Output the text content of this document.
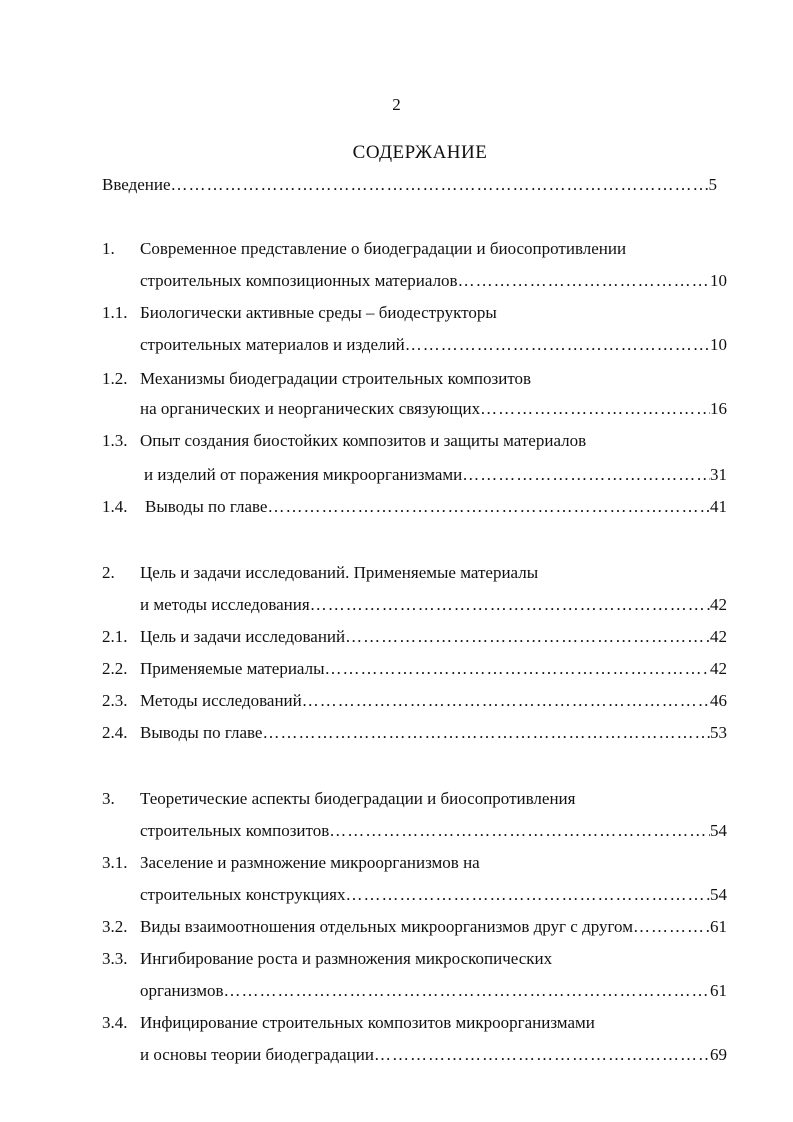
2
СОДЕРЖАНИЕ
Введение …………………………………………………………………………………………………………………………………………………………………………	5
1. Современное представление о биодеградации и биосопротивлении
строительных композиционных материалов …………………………………………………………………………………………………………………………………………………………………………	10
1.1. Биологически активные среды – биодеструкторы
строительных материалов и изделий …………………………………………………………………………………………………………………………………………………………………………	10
1.2. Механизмы биодеградации строительных композитов
на органических и неорганических связующих …………………………………………………………………………………………………………………………………………………………………………	16
1.3. Опыт создания биостойких композитов и защиты материалов
и изделий от поражения микроорганизмами …………………………………………………………………………………………………………………………………………………………………………	31
1.4. Выводы по главе …………………………………………………………………………………………………………………………………………………………………………	41
2. Цель и задачи исследований. Применяемые материалы
и методы исследования …………………………………………………………………………………………………………………………………………………………………………	42
2.1. Цель и задачи исследований …………………………………………………………………………………………………………………………………………………………………………	42
2.2. Применяемые материалы …………………………………………………………………………………………………………………………………………………………………………	42
2.3. Методы исследований …………………………………………………………………………………………………………………………………………………………………………	46
2.4. Выводы по главе …………………………………………………………………………………………………………………………………………………………………………	53
3. Теоретические аспекты биодеградации и биосопротивления
строительных композитов …………………………………………………………………………………………………………………………………………………………………………	54
3.1. Заселение и размножение микроорганизмов на
строительных конструкциях …………………………………………………………………………………………………………………………………………………………………………	54
3.2. Виды взаимоотношения отдельных микроорганизмов друг с другом …………………………………………………………………………………………………………………………………………………………………………	61
3.3. Ингибирование роста и размножения микроскопических
организмов …………………………………………………………………………………………………………………………………………………………………………	61
3.4. Инфицирование строительных композитов микроорганизмами
и основы теории биодеградации …………………………………………………………………………………………………………………………………………………………………………	69
